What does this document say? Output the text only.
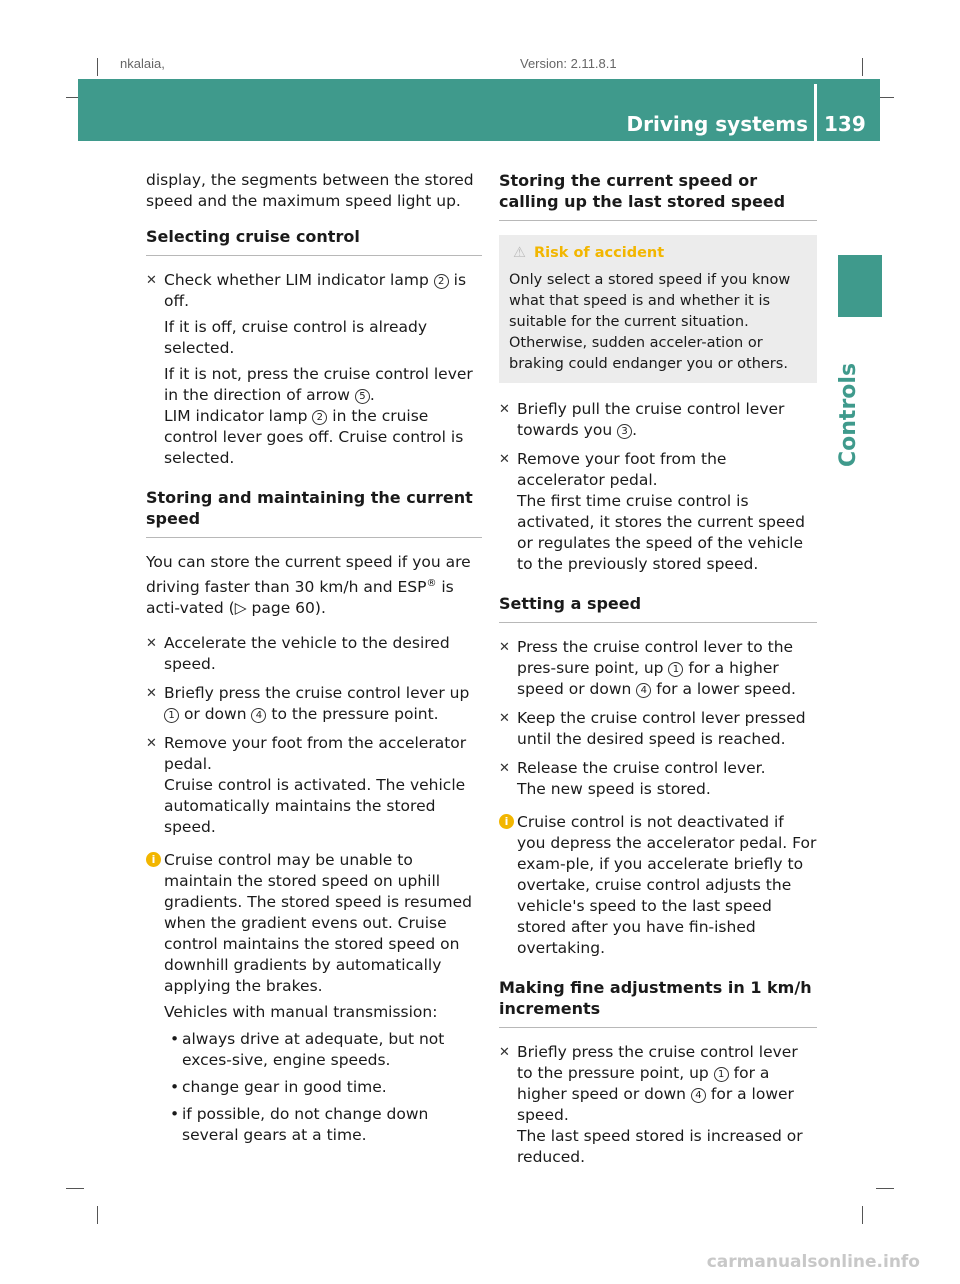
nkalaia,	Version: 2.11.8.1
Driving systems 139
Controls

display, the segments between the stored speed and the maximum speed light up.

Selecting cruise control
✕ Check whether LIM indicator lamp 2 is off.

If it is off, cruise control is already selected.

If it is not, press the cruise control lever in the direction of arrow 5 .

LIM indicator lamp 2 in the cruise control lever goes off. Cruise control is selected.

Storing and maintaining the current speed

You can store the current speed if you are driving faster than 30 km/h and ESP® is acti-vated (▷ page 60).

✕ Accelerate the vehicle to the desired speed.
✕ Briefly press the cruise control lever up 1 or down 4 to the pressure point.
✕ Remove your foot from the accelerator pedal.

Cruise control is activated. The vehicle automatically maintains the stored speed.

i Cruise control may be unable to maintain the stored speed on uphill gradients. The stored speed is resumed when the gradient evens out. Cruise control maintains the stored speed on downhill gradients by automatically applying the brakes.

Vehicles with manual transmission:

• always drive at adequate, but not exces-sive, engine speeds.
• change gear in good time.
• if possible, do not change down several gears at a time.
Storing the current speed or calling up the last stored speed
⚠ Risk of accident

Only select a stored speed if you know what that speed is and whether it is suitable for the current situation. Otherwise, sudden acceler-ation or braking could endanger you or others.

✕ Briefly pull the cruise control lever towards you 3 .
✕ Remove your foot from the accelerator pedal.

The first time cruise control is activated, it stores the current speed or regulates the speed of the vehicle to the previously stored speed.

Setting a speed
✕ Press the cruise control lever to the pres-sure point, up 1 for a higher speed or down 4 for a lower speed.
✕ Keep the cruise control lever pressed until the desired speed is reached.
✕ Release the cruise control lever.

The new speed is stored.

i Cruise control is not deactivated if you depress the accelerator pedal. For exam-ple, if you accelerate briefly to overtake, cruise control adjusts the vehicle's speed to the last speed stored after you have fin-ished overtaking.

Making fine adjustments in 1 km/h increments
✕ Briefly press the cruise control lever to the pressure point, up 1 for a higher speed or down 4 for a lower speed.

The last speed stored is increased or reduced.

carmanualsonline.info
